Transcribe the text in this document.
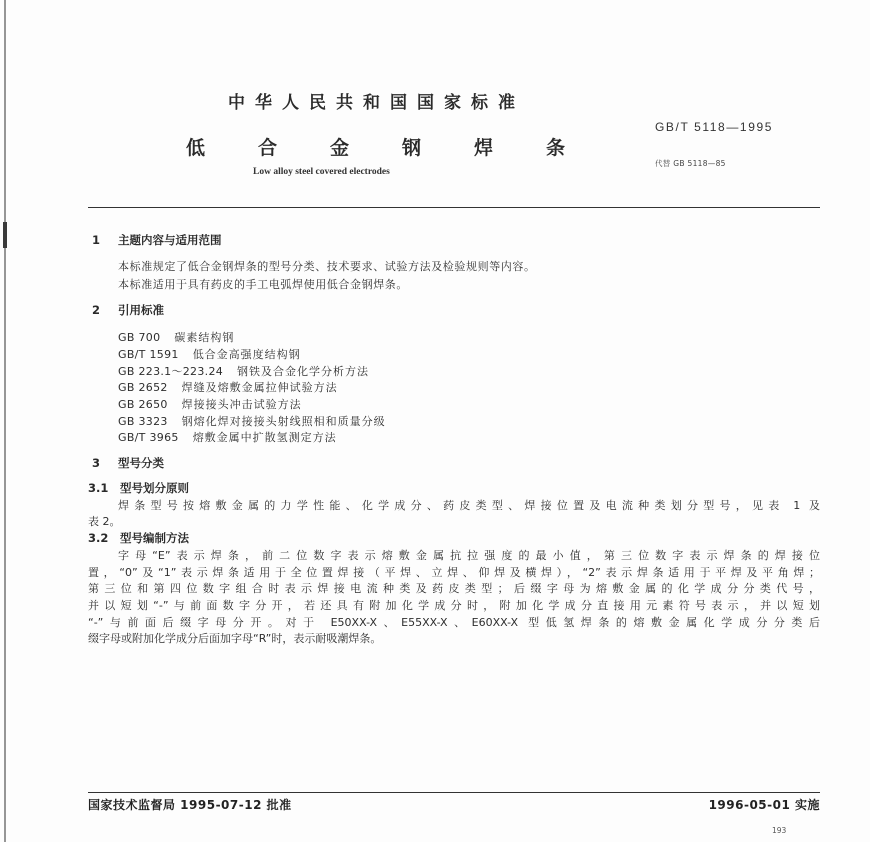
中华人民共和国国家标准
GB/T 5118—1995
低合金钢焊条
代替 GB 5118—85
Low alloy steel covered electrodes
1 主题内容与适用范围
本标准规定了低合金钢焊条的型号分类、技术要求、试验方法及检验规则等内容。
本标准适用于具有药皮的手工电弧焊使用低合金钢焊条。
2 引用标准
GB 700 碳素结构钢
GB/T 1591 低合金高强度结构钢
GB 223.1～223.24 钢铁及合金化学分析方法
GB 2652 焊缝及熔敷金属拉伸试验方法
GB 2650 焊接接头冲击试验方法
GB 3323 钢熔化焊对接接头射线照相和质量分级
GB/T 3965 熔敷金属中扩散氢测定方法
3 型号分类
3.1 型号划分原则
焊条型号按熔敷金属的力学性能、化学成分、药皮类型、焊接位置及电流种类划分型号，见表 1 及
表 2。
3.2 型号编制方法
字母“E”表示焊条，前二位数字表示熔敷金属抗拉强度的最小值，第三位数字表示焊条的焊接位
置，“0”及“1”表示焊条适用于全位置焊接（平焊、立焊、仰焊及横焊），“2”表示焊条适用于平焊及平角焊；
第三位和第四位数字组合时表示焊接电流种类及药皮类型；后缀字母为熔敷金属的化学成分分类代号，
并以短划“-”与前面数字分开，若还具有附加化学成分时，附加化学成分直接用元素符号表示，并以短划
“-”与前面后缀字母分开。对于 E50XX-X、E55XX-X、E60XX-X 型低氢焊条的熔敷金属化学成分分类后
缀字母或附加化学成分后面加字母“R”时，表示耐吸潮焊条。
国家技术监督局 1995-07-12 批准	1996-05-01 实施
193
